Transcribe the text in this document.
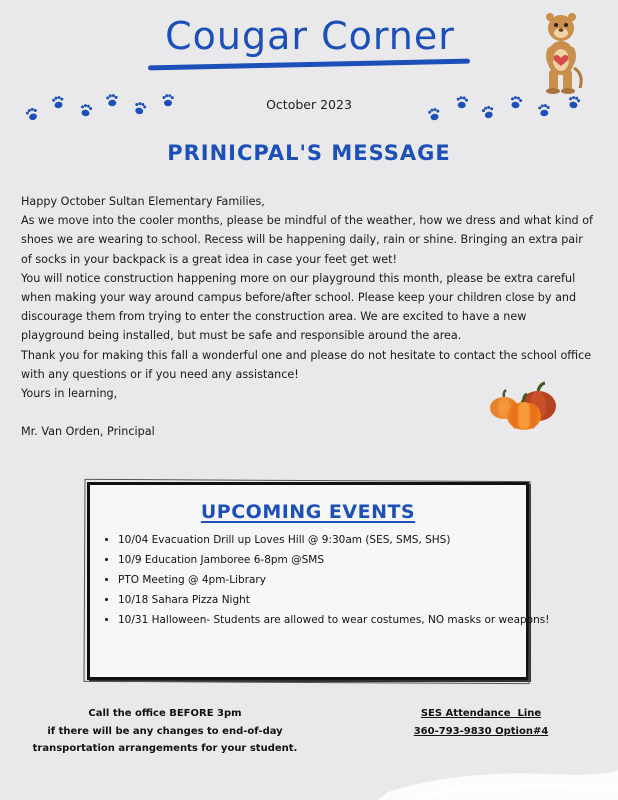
Cougar Corner
October 2023
PRINICPAL'S MESSAGE

Happy October Sultan Elementary Families,

As we move into the cooler months, please be mindful of the weather, how we dress and what kind of shoes we are wearing to school. Recess will be happening daily, rain or shine. Bringing an extra pair of socks in your backpack is a great idea in case your feet get wet!

You will notice construction happening more on our playground this month, please be extra careful when making your way around campus before/after school. Please keep your children close by and discourage them from trying to enter the construction area. We are excited to have a new playground being installed, but must be safe and responsible around the area.

Thank you for making this fall a wonderful one and please do not hesitate to contact the school office with any questions or if you need any assistance!

Yours in learning,

Mr. Van Orden, Principal

UPCOMING EVENTS
• 10/04 Evacuation Drill up Loves Hill @ 9:30am (SES, SMS, SHS)
• 10/9 Education Jamboree 6-8pm @SMS
• PTO Meeting @ 4pm-Library
• 10/18 Sahara Pizza Night
• 10/31 Halloween- Students are allowed to wear costumes, NO masks or weapons!
Call the office BEFORE 3pm
if there will be any changes to end-of-day
transportation arrangements for your student.
SES Attendance  Line
360-793-9830 Option#4
